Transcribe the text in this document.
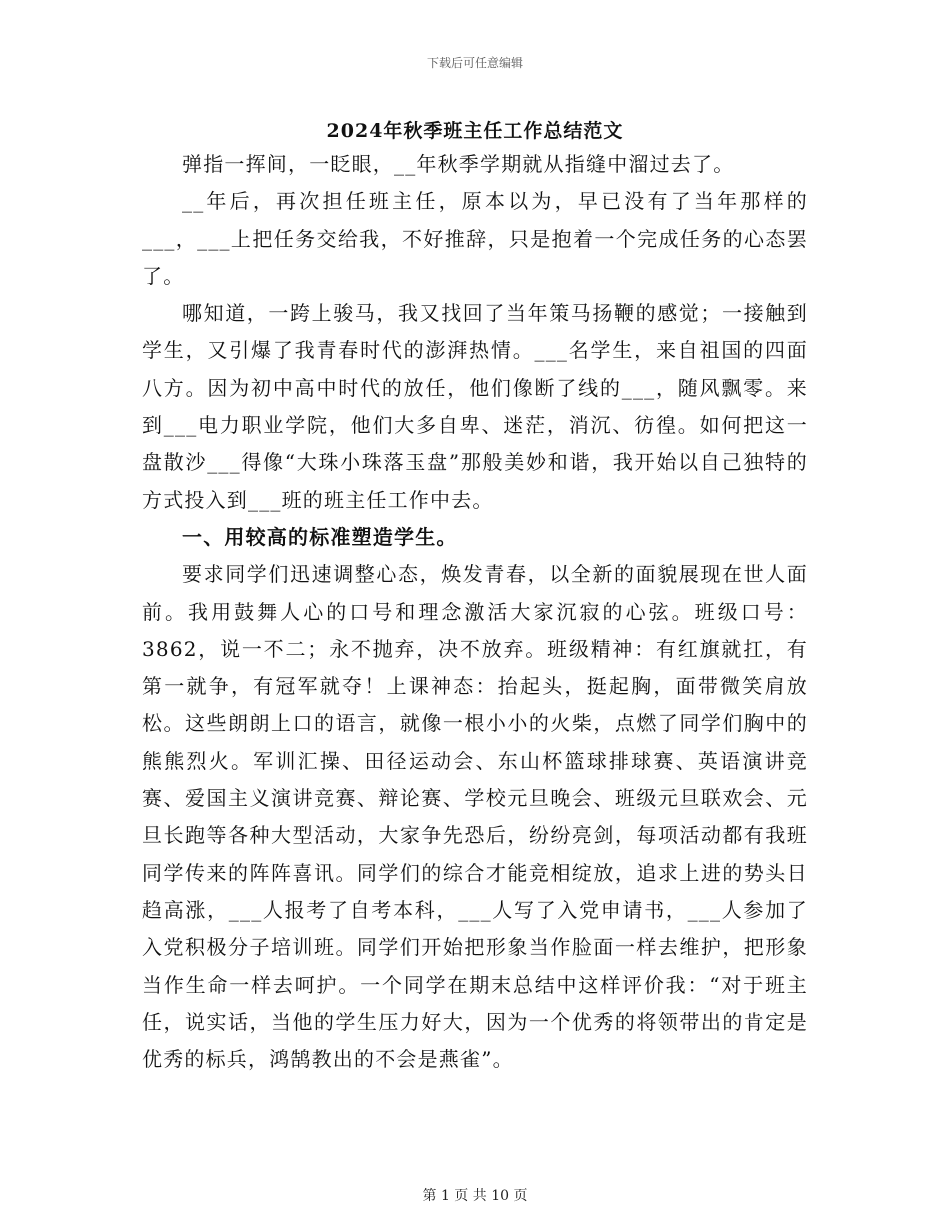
下载后可任意编辑
2024年秋季班主任工作总结范文

弹指一挥间，一眨眼，__年秋季学期就从指缝中溜过去了。

__年后，再次担任班主任，原本以为，早已没有了当年那样的___，___上把任务交给我，不好推辞，只是抱着一个完成任务的心态罢了。

哪知道，一跨上骏马，我又找回了当年策马扬鞭的感觉；一接触到学生，又引爆了我青春时代的澎湃热情。___名学生，来自祖国的四面八方。因为初中高中时代的放任，他们像断了线的___，随风飘零。来到___电力职业学院，他们大多自卑、迷茫，消沉、彷徨。如何把这一盘散沙___得像“大珠小珠落玉盘”那般美妙和谐，我开始以自己独特的方式投入到___班的班主任工作中去。

一、用较高的标准塑造学生。

要求同学们迅速调整心态，焕发青春，以全新的面貌展现在世人面前。我用鼓舞人心的口号和理念激活大家沉寂的心弦。班级口号：3862，说一不二；永不抛弃，决不放弃。班级精神：有红旗就扛，有第一就争，有冠军就夺！上课神态：抬起头，挺起胸，面带微笑肩放松。这些朗朗上口的语言，就像一根小小的火柴，点燃了同学们胸中的熊熊烈火。军训汇操、田径运动会、东山杯篮球排球赛、英语演讲竞赛、爱国主义演讲竞赛、辩论赛、学校元旦晚会、班级元旦联欢会、元旦长跑等各种大型活动，大家争先恐后，纷纷亮剑，每项活动都有我班同学传来的阵阵喜讯。同学们的综合才能竞相绽放，追求上进的势头日趋高涨，___人报考了自考本科，___人写了入党申请书，___人参加了入党积极分子培训班。同学们开始把形象当作脸面一样去维护，把形象当作生命一样去呵护。一个同学在期末总结中这样评价我：“对于班主任，说实话，当他的学生压力好大，因为一个优秀的将领带出的肯定是优秀的标兵，鸿鹄教出的不会是燕雀”。

第 1 页 共 10 页
